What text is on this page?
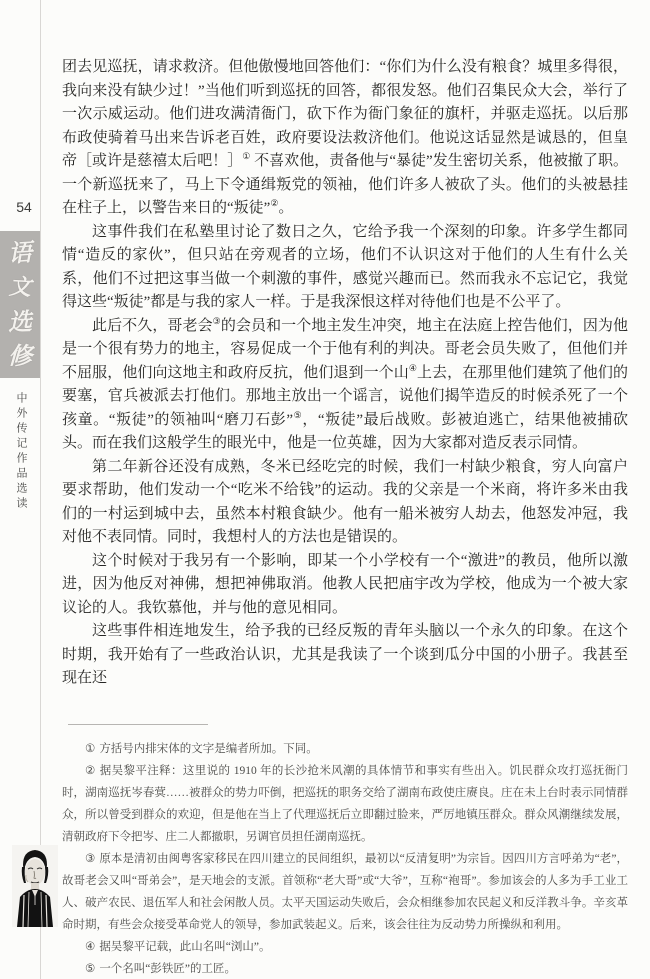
54
语
文
选
修
中外传记作品选读

团去见巡抚，请求救济。但他傲慢地回答他们：“你们为什么没有粮食？城里多得很，我向来没有缺少过！”当他们听到巡抚的回答，都很发怒。他们召集民众大会，举行了一次示威运动。他们进攻满清衙门，砍下作为衙门象征的旗杆，并驱走巡抚。以后那布政使骑着马出来告诉老百姓，政府要设法救济他们。他说这话显然是诚恳的，但皇帝［或许是慈禧太后吧！］① 不喜欢他，责备他与“暴徒”发生密切关系，他被撤了职。一个新巡抚来了，马上下令通缉叛党的领袖，他们许多人被砍了头。他们的头被悬挂在柱子上，以警告来日的“叛徒”②。

这事件我们在私塾里讨论了数日之久，它给予我一个深刻的印象。许多学生都同情“造反的家伙”，但只站在旁观者的立场，他们不认识这对于他们的人生有什么关系，他们不过把这事当做一个刺激的事件，感觉兴趣而已。然而我永不忘记它，我觉得这些“叛徒”都是与我的家人一样。于是我深恨这样对待他们也是不公平了。

此后不久，哥老会③的会员和一个地主发生冲突，地主在法庭上控告他们，因为他是一个很有势力的地主，容易促成一个于他有利的判决。哥老会员失败了，但他们并不屈服，他们向这地主和政府反抗，他们退到一个山④上去，在那里他们建筑了他们的要塞，官兵被派去打他们。那地主放出一个谣言，说他们揭竿造反的时候杀死了一个孩童。“叛徒”的领袖叫“磨刀石彭”⑤，“叛徒”最后战败。彭被迫逃亡，结果他被捕砍头。而在我们这般学生的眼光中，他是一位英雄，因为大家都对造反表示同情。

第二年新谷还没有成熟，冬米已经吃完的时候，我们一村缺少粮食，穷人向富户要求帮助，他们发动一个“吃米不给钱”的运动。我的父亲是一个米商，将许多米由我们的一村运到城中去，虽然本村粮食缺少。他有一船米被穷人劫去，他怒发冲冠，我对他不表同情。同时，我想村人的方法也是错误的。

这个时候对于我另有一个影响，即某一个小学校有一个“激进”的教员，他所以激进，因为他反对神佛，想把神佛取消。他教人民把庙宇改为学校，他成为一个被大家议论的人。我钦慕他，并与他的意见相同。

这些事件相连地发生，给予我的已经反叛的青年头脑以一个永久的印象。在这个时期，我开始有了一些政治认识，尤其是我读了一个谈到瓜分中国的小册子。我甚至现在还

① 方括号内排宋体的文字是编者所加。下同。

② 据吴黎平注释：这里说的 1910 年的长沙抢米风潮的具体情节和事实有些出入。饥民群众攻打巡抚衙门时，湖南巡抚岑春蓂……被群众的势力吓倒，把巡抚的职务交给了湖南布政使庄赓良。庄在未上台时表示同情群众，所以曾受到群众的欢迎，但是他在当上了代理巡抚后立即翻过脸来，严厉地镇压群众。群众风潮继续发展，清朝政府下令把岑、庄二人都撤职，另调官员担任湖南巡抚。

③ 原本是清初由闽粤客家移民在四川建立的民间组织，最初以“反清复明”为宗旨。因四川方言呼弟为“老”，故哥老会又叫“哥弟会”，是天地会的支派。首领称“老大哥”或“大爷”，互称“袍哥”。参加该会的人多为手工业工人、破产农民、退伍军人和社会闲散人员。太平天国运动失败后，会众相继参加农民起义和反洋教斗争。辛亥革命时期，有些会众接受革命党人的领导，参加武装起义。后来，该会往往为反动势力所操纵和利用。

④ 据吴黎平记载，此山名叫“浏山”。

⑤ 一个名叫“彭铁匠”的工匠。
